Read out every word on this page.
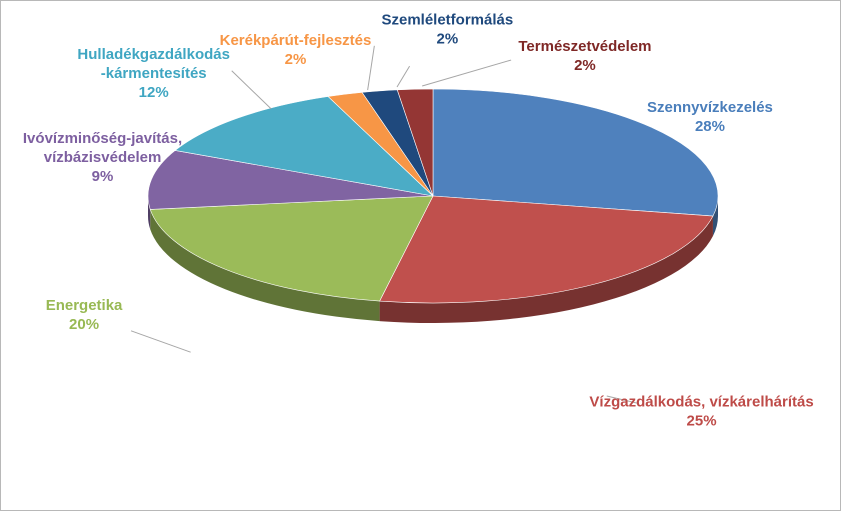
Szennyvízkezelés 28%
Vízgazdálkodás, vízkárelhárítás 25%
Energetika 20%
Ivóvízminőség-javítás, vízbázisvédelem 9%
Hulladékgazdálkodás -kármentesítés 12%
Kerékpárút-fejlesztés 2%
Szemléletformálás 2%	Természetvédelem 2%
